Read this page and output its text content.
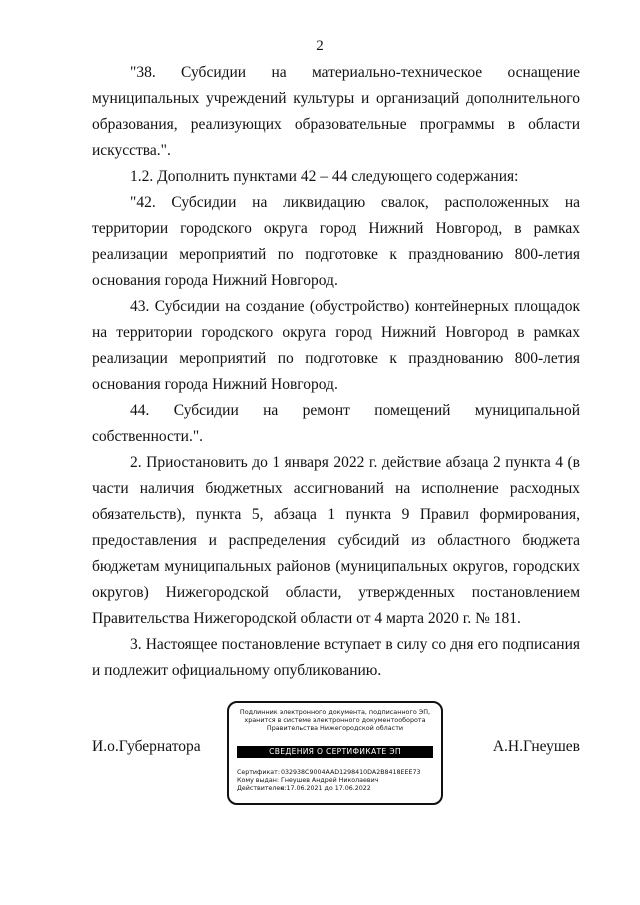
2

"38. Субсидии на материально-техническое оснащение муниципальных учреждений культуры и организаций дополнительного образования, реализующих образовательные программы в области искусства.".

1.2. Дополнить пунктами 42 – 44 следующего содержания:

"42. Субсидии на ликвидацию свалок, расположенных на территории городского округа город Нижний Новгород, в рамках реализации мероприятий по подготовке к празднованию 800-летия основания города Нижний Новгород.

43. Субсидии на создание (обустройство) контейнерных площадок на территории городского округа город Нижний Новгород в рамках реализации мероприятий по подготовке к празднованию 800-летия основания города Нижний Новгород.

44. Субсидии на ремонт помещений муниципальной собственности.".

2. Приостановить до 1 января 2022 г. действие абзаца 2 пункта 4 (в части наличия бюджетных ассигнований на исполнение расходных обязательств), пункта 5, абзаца 1 пункта 9 Правил формирования, предоставления и распределения субсидий из областного бюджета бюджетам муниципальных районов (муниципальных округов, городских округов) Нижегородской области, утвержденных постановлением Правительства Нижегородской области от 4 марта 2020 г. № 181.

3. Настоящее постановление вступает в силу со дня его подписания и подлежит официальному опубликованию.

И.о.Губернатора
Подлинник электронного документа, подписанного ЭП,
хранится в системе электронного документооборота
Правительства Нижегородской области
СВЕДЕНИЯ О СЕРТИФИКАТЕ ЭП
Сертификат: 032938C9004AAD1298410DA2B8418EEE73
Кому выдан: Гнеушев Андрей Николаевич
Действителен: с 17.06.2021 до 17.06.2022
А.Н.Гнеушев
